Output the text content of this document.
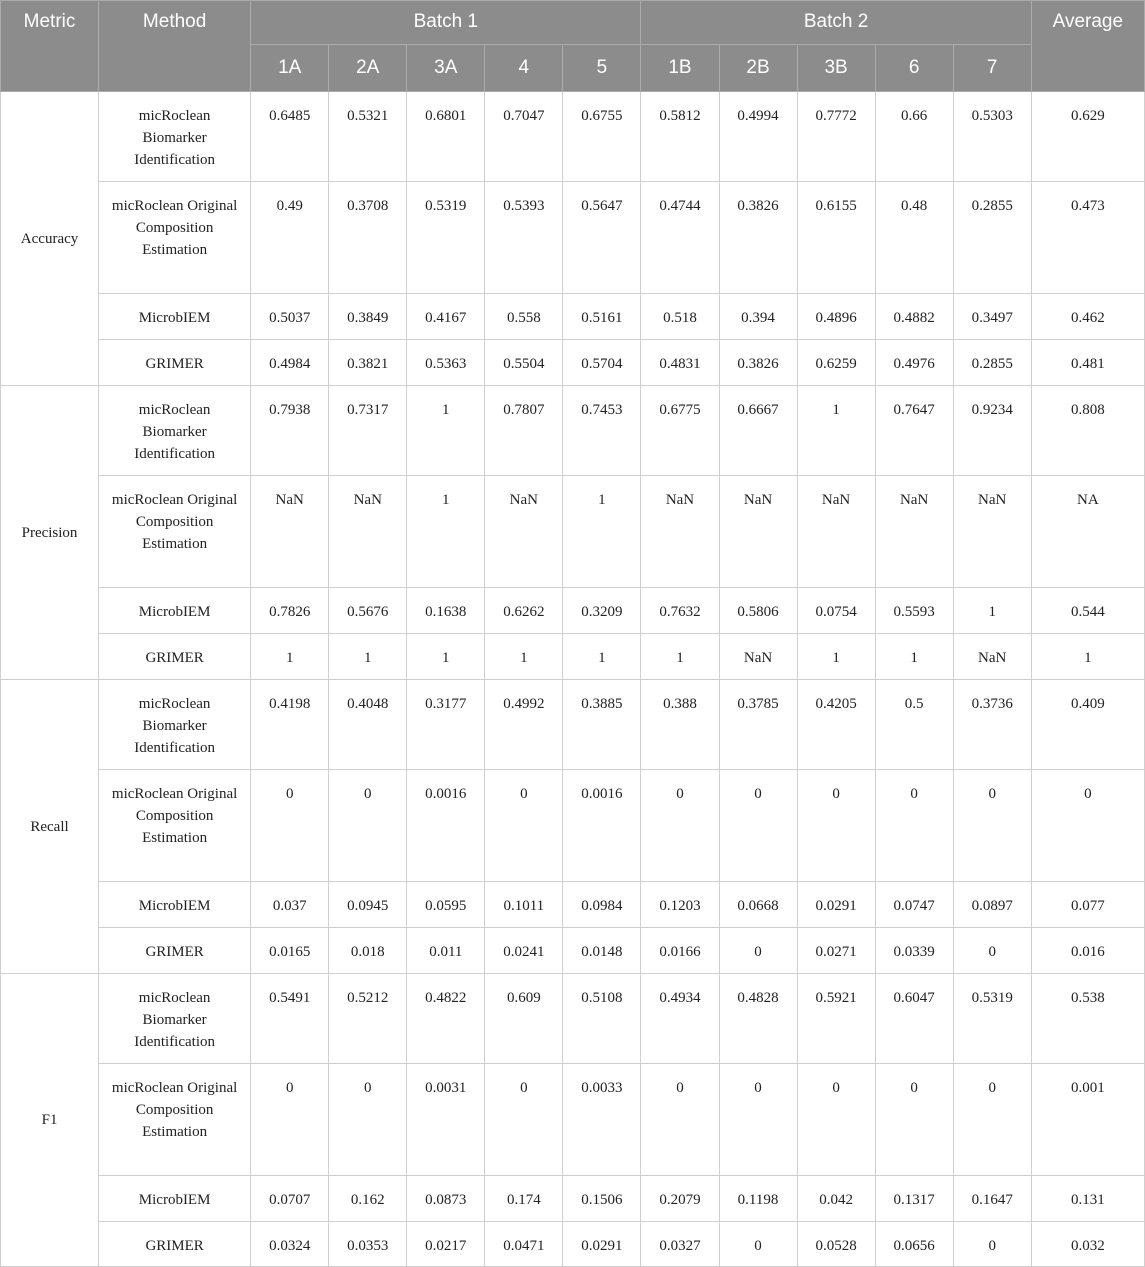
Metric	Method	Batch 1					Batch 2					Average
		1A	2A	3A	4	5	1B	2B	3B	6	7	
Accuracy	micRoclean Biomarker Identification	0.6485	0.5321	0.6801	0.7047	0.6755	0.5812	0.4994	0.7772	0.66	0.5303	0.629
	micRoclean Original Composition Estimation	0.49	0.3708	0.5319	0.5393	0.5647	0.4744	0.3826	0.6155	0.48	0.2855	0.473
	MicrobIEM	0.5037	0.3849	0.4167	0.558	0.5161	0.518	0.394	0.4896	0.4882	0.3497	0.462
	GRIMER	0.4984	0.3821	0.5363	0.5504	0.5704	0.4831	0.3826	0.6259	0.4976	0.2855	0.481
Precision	micRoclean Biomarker Identification	0.7938	0.7317	1	0.7807	0.7453	0.6775	0.6667	1	0.7647	0.9234	0.808
	micRoclean Original Composition Estimation	NaN	NaN	1	NaN	1	NaN	NaN	NaN	NaN	NaN	NA
	MicrobIEM	0.7826	0.5676	0.1638	0.6262	0.3209	0.7632	0.5806	0.0754	0.5593	1	0.544
	GRIMER	1	1	1	1	1	1	NaN	1	1	NaN	1
Recall	micRoclean Biomarker Identification	0.4198	0.4048	0.3177	0.4992	0.3885	0.388	0.3785	0.4205	0.5	0.3736	0.409
	micRoclean Original Composition Estimation	0	0	0.0016	0	0.0016	0	0	0	0	0	0
	MicrobIEM	0.037	0.0945	0.0595	0.1011	0.0984	0.1203	0.0668	0.0291	0.0747	0.0897	0.077
	GRIMER	0.0165	0.018	0.011	0.0241	0.0148	0.0166	0	0.0271	0.0339	0	0.016
F1	micRoclean Biomarker Identification	0.5491	0.5212	0.4822	0.609	0.5108	0.4934	0.4828	0.5921	0.6047	0.5319	0.538
	micRoclean Original Composition Estimation	0	0	0.0031	0	0.0033	0	0	0	0	0	0.001
	MicrobIEM	0.0707	0.162	0.0873	0.174	0.1506	0.2079	0.1198	0.042	0.1317	0.1647	0.131
	GRIMER	0.0324	0.0353	0.0217	0.0471	0.0291	0.0327	0	0.0528	0.0656	0	0.032
